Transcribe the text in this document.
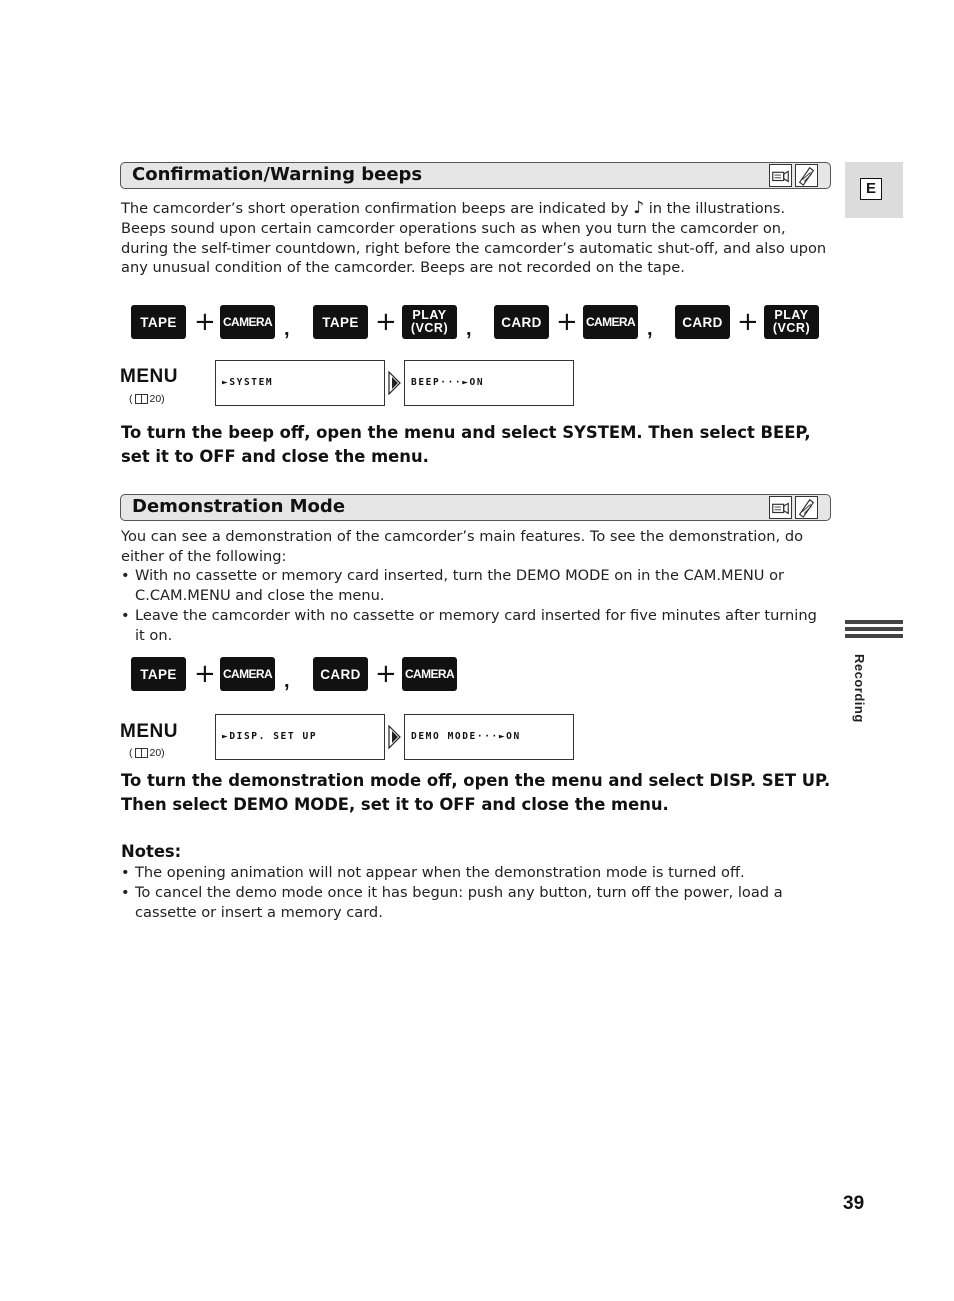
E
Recording
Confirmation/Warning beeps
The camcorder’s short operation confirmation beeps are indicated by ♪ in the illustrations. Beeps sound upon certain camcorder operations such as when you turn the camcorder on, during the self-timer countdown, right before the camcorder’s automatic shut-off, and also upon any unusual condition of the camcorder. Beeps are not recorded on the tape.
TAPE + CAMERA ,	TAPE + PLAY
(VCR) ,	CARD + CAMERA ,	CARD + PLAY
(VCR)
MENU
( 20)
►SYSTEM	BEEP···►ON
To turn the beep off, open the menu and select SYSTEM. Then select BEEP, set it to OFF and close the menu.
Demonstration Mode
You can see a demonstration of the camcorder’s main features. To see the demonstration, do either of the following:
• With no cassette or memory card inserted, turn the DEMO MODE on in the CAM.MENU or C.CAM.MENU and close the menu.
• Leave the camcorder with no cassette or memory card inserted for five minutes after turning it on.
TAPE + CAMERA ,	CARD + CAMERA
MENU
( 20)
►DISP. SET UP	DEMO MODE···►ON
To turn the demonstration mode off, open the menu and select DISP. SET UP. Then select DEMO MODE, set it to OFF and close the menu.
Notes:
• The opening animation will not appear when the demonstration mode is turned off.
• To cancel the demo mode once it has begun: push any button, turn off the power, load a cassette or insert a memory card.
39
